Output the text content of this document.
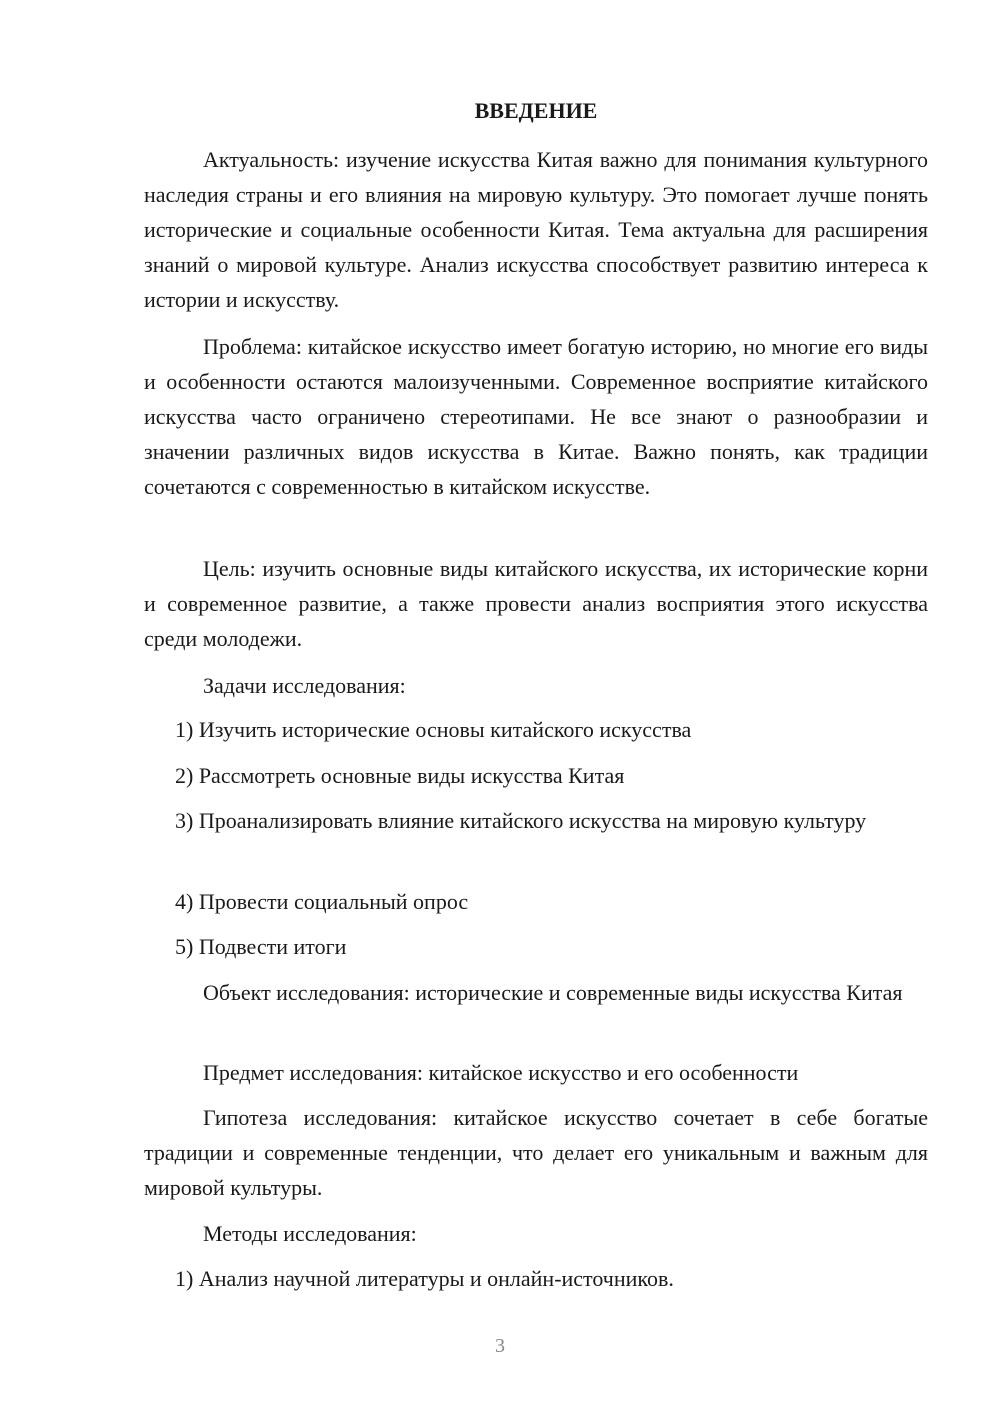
ВВЕДЕНИЕ

Актуальность: изучение искусства Китая важно для понимания культурного наследия страны и его влияния на мировую культуру. Это помогает лучше понять исторические и социальные особенности Китая. Тема актуальна для расширения знаний о мировой культуре. Анализ искусства способствует развитию интереса к истории и искусству.

Проблема: китайское искусство имеет богатую историю, но многие его виды и особенности остаются малоизученными. Современное восприятие китайского искусства часто ограничено стереотипами. Не все знают о разнообразии и значении различных видов искусства в Китае. Важно понять, как традиции сочетаются с современностью в китайском искусстве.

Цель: изучить основные виды китайского искусства, их исторические корни и современное развитие, а также провести анализ восприятия этого искусства среди молодежи.

Задачи исследования:

1) Изучить исторические основы китайского искусства

2) Рассмотреть основные виды искусства Китая

3) Проанализировать влияние китайского искусства на мировую культуру

4) Провести социальный опрос

5) Подвести итоги

Объект исследования: исторические и современные виды искусства Китая

Предмет исследования: китайское искусство и его особенности

Гипотеза исследования: китайское искусство сочетает в себе богатые традиции и современные тенденции, что делает его уникальным и важным для мировой культуры.

Методы исследования:

1) Анализ научной литературы и онлайн-источников.

3
